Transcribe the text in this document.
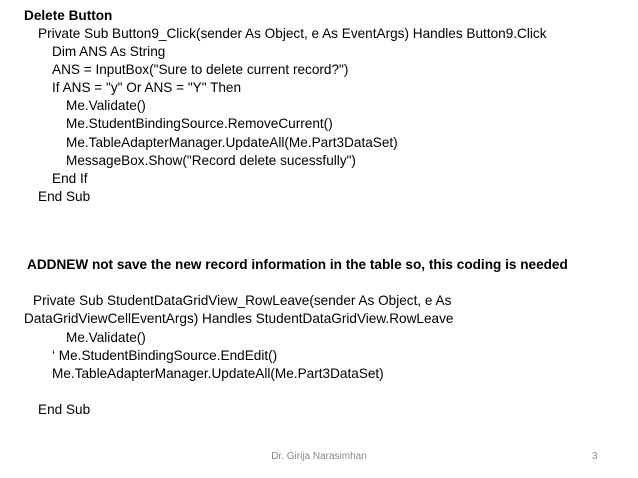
Delete Button
Private Sub Button9_Click(sender As Object, e As EventArgs) Handles Button9.Click
Dim ANS As String
ANS = InputBox("Sure to delete current record?")
If ANS = "y" Or ANS = "Y" Then
Me.Validate()
Me.StudentBindingSource.RemoveCurrent()
Me.TableAdapterManager.UpdateAll(Me.Part3DataSet)
MessageBox.Show("Record delete sucessfully")
End If
End Sub
ADDNEW not save the new record information in the table so, this coding is needed
Private Sub StudentDataGridView_RowLeave(sender As Object, e As
DataGridViewCellEventArgs) Handles StudentDataGridView.RowLeave
Me.Validate()
‘ Me.StudentBindingSource.EndEdit()
Me.TableAdapterManager.UpdateAll(Me.Part3DataSet)
End Sub
Dr. Girija Narasimhan	3
